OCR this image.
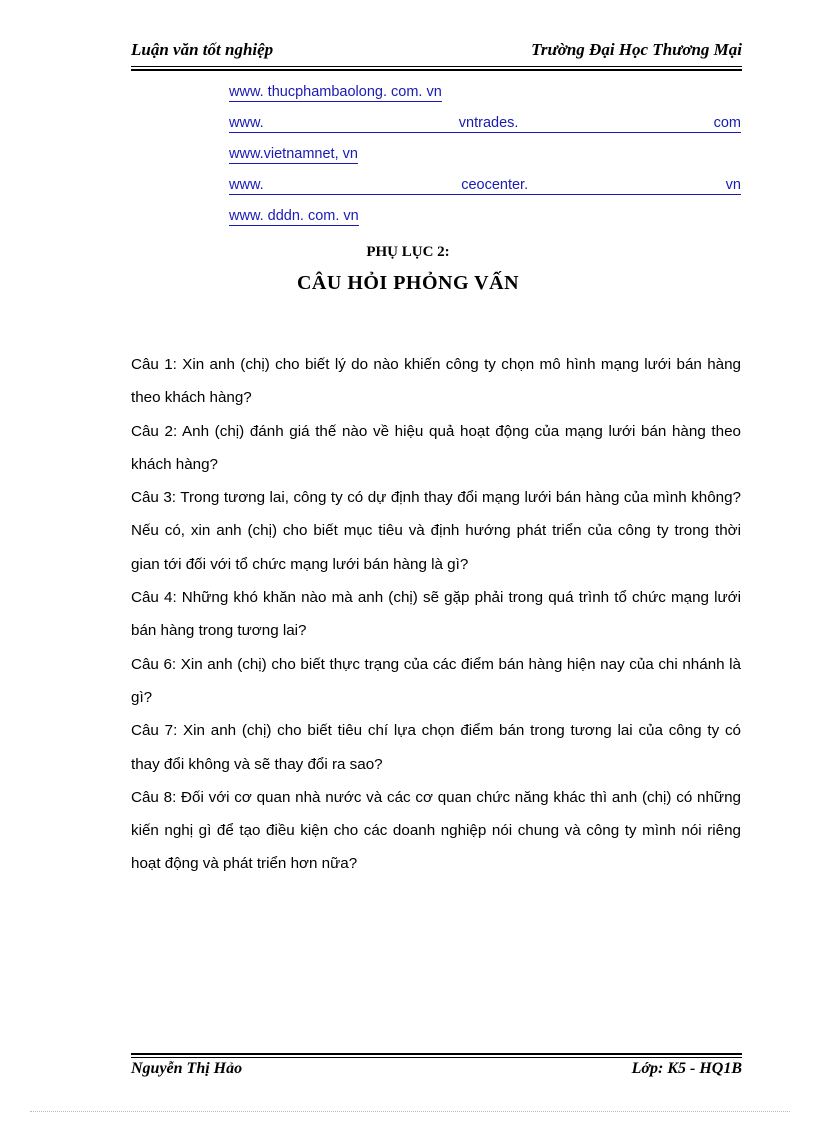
Luận văn tốt nghiệp	Trường Đại Học Thương Mại
www. thucphambaolong. com. vn
www.	vntrades.	com
www.vietnamnet, vn
www.	ceocenter.	vn
www. dddn. com. vn
PHỤ LỤC 2:
CÂU HỎI PHỎNG VẤN

Câu 1: Xin anh (chị) cho biết lý do nào khiến công ty chọn mô hình mạng lưới bán hàng theo khách hàng?

Câu 2: Anh (chị) đánh giá thế nào về hiệu quả hoạt động của mạng lưới bán hàng theo khách hàng?

Câu 3: Trong tương lai, công ty có dự định thay đổi mạng lưới bán hàng của mình không? Nếu có, xin anh (chị) cho biết mục tiêu và định hướng phát triển của công ty trong thời gian tới đối với tổ chức mạng lưới bán hàng là gì?

Câu 4: Những khó khăn nào mà anh (chị) sẽ gặp phải trong quá trình tổ chức mạng lưới bán hàng trong tương lai?

Câu 6: Xin anh (chị) cho biết thực trạng của các điểm bán hàng hiện nay của chi nhánh là gì?

Câu 7: Xin anh (chị) cho biết tiêu chí lựa chọn điểm bán trong tương lai của công ty có thay đổi không và sẽ thay đổi ra sao?

Câu 8: Đối với cơ quan nhà nước và các cơ quan chức năng khác thì anh (chị) có những kiến nghị gì để tạo điều kiện cho các doanh nghiệp nói chung và công ty mình nói riêng hoạt động và phát triển hơn nữa?

Nguyễn Thị Hảo	Lớp: K5 - HQ1B
